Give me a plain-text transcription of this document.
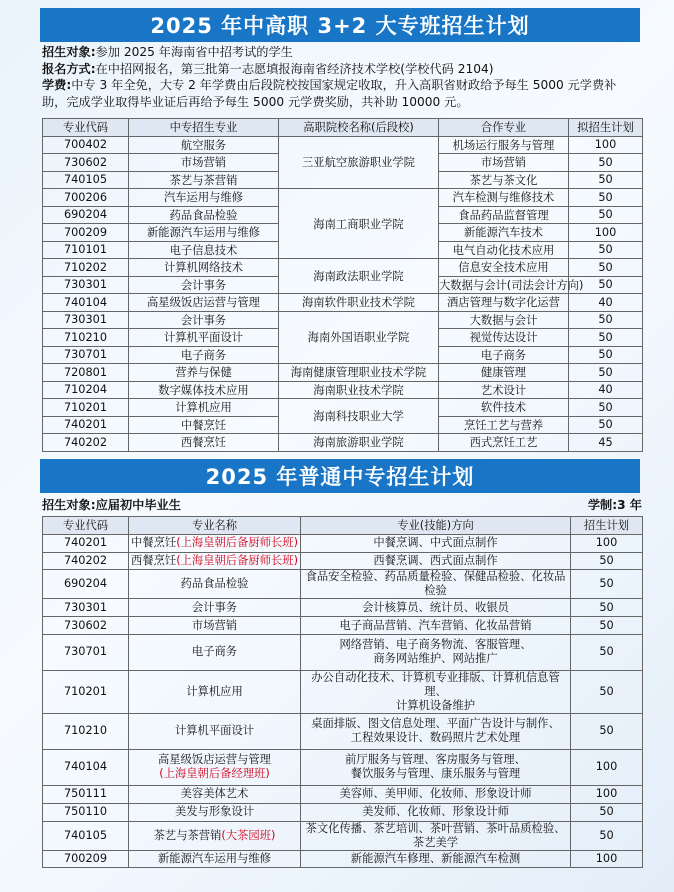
2025 年中高职 3+2 大专班招生计划
招生对象:参加 2025 年海南省中招考试的学生
报名方式:在中招网报名，第三批第一志愿填报海南省经济技术学校(学校代码 2104)
学费:中专 3 年全免，大专 2 年学费由后段院校按国家规定收取，升入高职省财政给予每生 5000 元学费补
助，完成学业取得毕业证后再给予每生 5000 元学费奖励，共补助 10000 元。
专业代码	中专招生专业	高职院校名称(后段校)	合作专业	拟招生计划
700402	航空服务	三亚航空旅游职业学院	机场运行服务与管理	100
730602	市场营销		市场营销	50
740105	茶艺与茶营销		茶艺与茶文化	50
700206	汽车运用与维修	海南工商职业学院	汽车检测与维修技术	50
690204	药品食品检验		食品药品监督管理	50
700209	新能源汽车运用与维修		新能源汽车技术	100
710101	电子信息技术		电气自动化技术应用	50
710202	计算机网络技术	海南政法职业学院	信息安全技术应用	50
730301	会计事务		大数据与会计(司法会计方向)	50
740104	高星级饭店运营与管理	海南软件职业技术学院	酒店管理与数字化运营	40
730301	会计事务	海南外国语职业学院	大数据与会计	50
710210	计算机平面设计		视觉传达设计	50
730701	电子商务		电子商务	50
720801	营养与保健	海南健康管理职业技术学院	健康管理	50
710204	数字媒体技术应用	海南职业技术学院	艺术设计	40
710201	计算机应用	海南科技职业大学	软件技术	50
740201	中餐烹饪		烹饪工艺与营养	50
740202	西餐烹饪	海南旅游职业学院	西式烹饪工艺	45
2025 年普通中专招生计划
招生对象:应届初中毕业生	学制:3 年
专业代码	专业名称	专业(技能)方向	招生计划
740201	中餐烹饪(上海皇朝后备厨师长班)	中餐烹调、中式面点制作	100
740202	西餐烹饪(上海皇朝后备厨师长班)	西餐烹调、西式面点制作	50
690204	药品食品检验	食品安全检验、药品质量检验、保健品检验、化妆品检验	50
730301	会计事务	会计核算员、统计员、收银员	50
730602	市场营销	电子商品营销、汽车营销、化妆品营销	50
730701	电子商务	网络营销、电子商务物流、客服管理、
商务网站维护、网站推广	50
710201	计算机应用	办公自动化技术、计算机专业排版、计算机信息管理、
计算机设备维护	50
710210	计算机平面设计	桌面排版、图文信息处理、平面广告设计与制作、
工程效果设计、数码照片艺术处理	50
740104	高星级饭店运营与管理
(上海皇朝后备经理班)	前厅服务与管理、客房服务与管理、
餐饮服务与管理、康乐服务与管理	100
750111	美容美体艺术	美容师、美甲师、化妆师、形象设计师	100
750110	美发与形象设计	美发师、化妆师、形象设计师	50
740105	茶艺与茶营销(大茶园班)	茶文化传播、茶艺培训、茶叶营销、茶叶品质检验、茶艺美学	50
700209	新能源汽车运用与维修	新能源汽车修理、新能源汽车检测	100
